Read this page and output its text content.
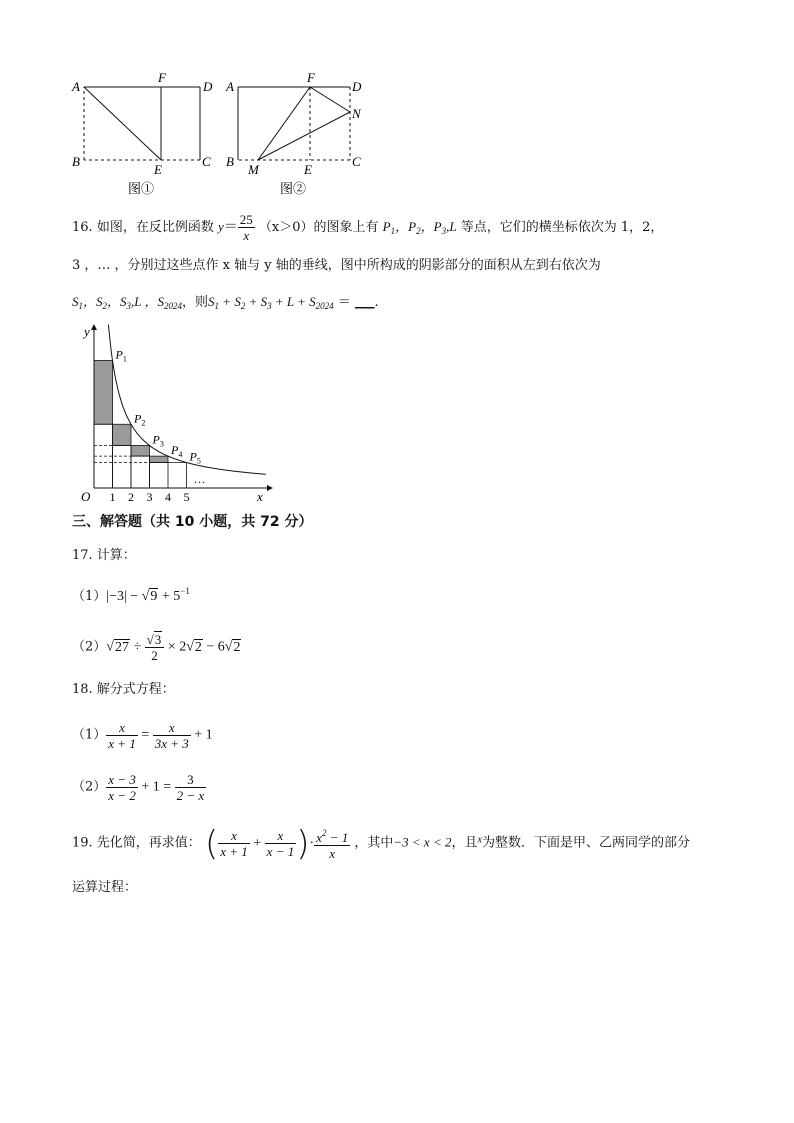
A
F
D
B
E
C
图①
A
F
D
N
B
M	E
C
图②
16. 如图，在反比例函数 $y= \frac{25}{x} (x>0)$的图象上有 $P_1$，$P_2$，$P_3,L$ 等点，它们的横坐标依次为 1，2，
3 ，… ，分别过这些点作 x 轴与 y 轴的垂线，图中所构成的阴影部分的面积从左到右依次为
$S_1$，$S_2$，$S_3,L$ ，$S_{2024}$，则$S_1 + S_2 + S_3 + L + S_{2024}$ ＝ ___.
y
x
O 1 2 3 4 5
$P_1$
$P_2$
$P_3$ $P_4$ $P_5$
…
三、解答题（共 10 小题，共 72 分）
17. 计算：
$(1)|-3| - √9 + 5^{-1}$
$(2)√27 \div \frac{√3}{2} \times 2√2 - 6√2$
18. 解分式方程：
$(1) \frac{x}{x + 1} = \frac{x}{3x + 3} + 1$
$(2) \frac{x - 3}{x - 2} + 1 = \frac{3}{2 - x}$
19. 先化简，再求值： ( $\frac{x}{x + 1} + \frac{x}{x - 1}$ )· $\frac{x^2 - 1}{x}$ ，其中−3 < x < 2，且$^x$为整数．下面是甲、乙两同学的部分
运算过程：
